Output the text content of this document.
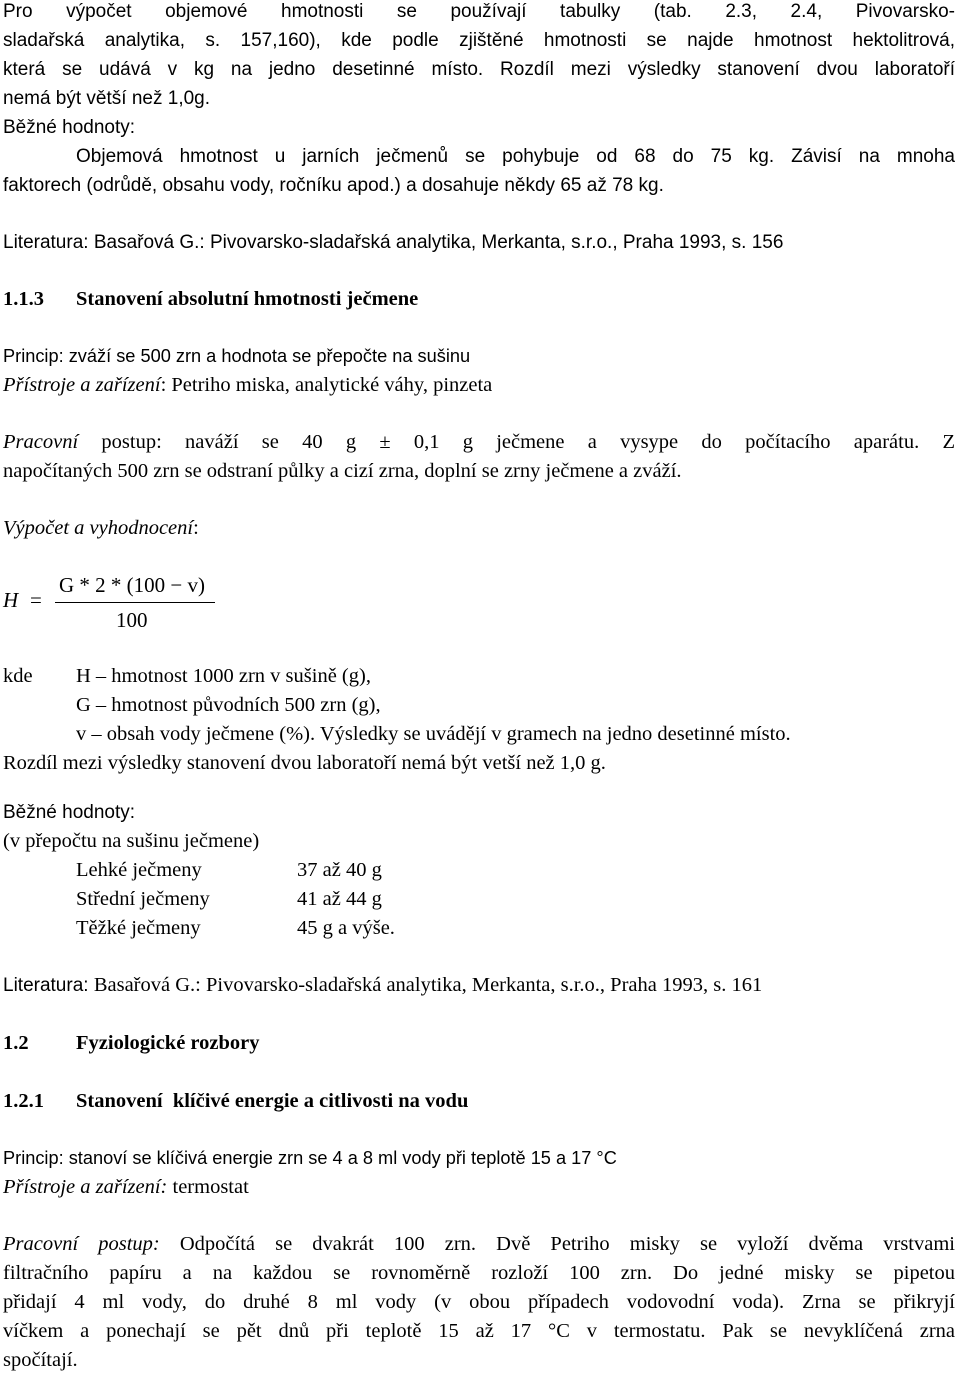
Pro výpočet objemové hmotnosti se používají tabulky (tab. 2.3, 2.4, Pivovarsko-
sladařská analytika, s. 157,160), kde podle zjištěné hmotnosti se najde hmotnost hektolitrová,
která se udává v kg na jedno desetinné místo. Rozdíl mezi výsledky stanovení dvou laboratoří
nemá být větší než 1,0g.
Běžné hodnoty:
Objemová hmotnost u jarních ječmenů se pohybuje od 68 do 75 kg. Závisí na mnoha
faktorech (odrůdě, obsahu vody, ročníku apod.) a dosahuje někdy 65 až 78 kg.
Literatura: Basařová G.: Pivovarsko-sladařská analytika, Merkanta, s.r.o., Praha 1993, s. 156
1.1.3 Stanovení absolutní hmotnosti ječmene
Princip: zváží se 500 zrn a hodnota se přepočte na sušinu
Přístroje a zařízení: Petriho miska, analytické váhy, pinzeta
Pracovní postup: naváží se 40 g ± 0,1 g ječmene a vysype do počítacího aparátu. Z
napočítaných 500 zrn se odstraní půlky a cizí zrna, doplní se zrny ječmene a zváží.
Výpočet a vyhodnocení:
H =
G * 2 * (100 − v)
100
kde H – hmotnost 1000 zrn v sušině (g),
G – hmotnost původních 500 zrn (g),
v – obsah vody ječmene (%). Výsledky se uvádějí v gramech na jedno desetinné místo.
Rozdíl mezi výsledky stanovení dvou laboratoří nemá být vetší než 1,0 g.
Běžné hodnoty:
(v přepočtu na sušinu ječmene)
Lehké ječmeny	37 až 40 g
Střední ječmeny	41 až 44 g
Těžké ječmeny	45 g a výše.
Literatura: Basařová G.: Pivovarsko-sladařská analytika, Merkanta, s.r.o., Praha 1993, s. 161
1.2 Fyziologické rozbory
1.2.1 Stanovení  klíčivé energie a citlivosti na vodu
Princip: stanoví se klíčivá energie zrn se 4 a 8 ml vody při teplotě 15 a 17 °C
Přístroje a zařízení: termostat
Pracovní postup: Odpočítá se dvakrát 100 zrn. Dvě Petriho misky se vyloží dvěma vrstvami
filtračního papíru a na každou se rovnoměrně rozloží 100 zrn. Do jedné misky se pipetou
přidají 4 ml vody, do druhé 8 ml vody (v obou případech vodovodní voda). Zrna se přikryjí
víčkem a ponechají se pět dnů při teplotě 15 až 17 °C v termostatu. Pak se nevyklíčená zrna
spočítají.
